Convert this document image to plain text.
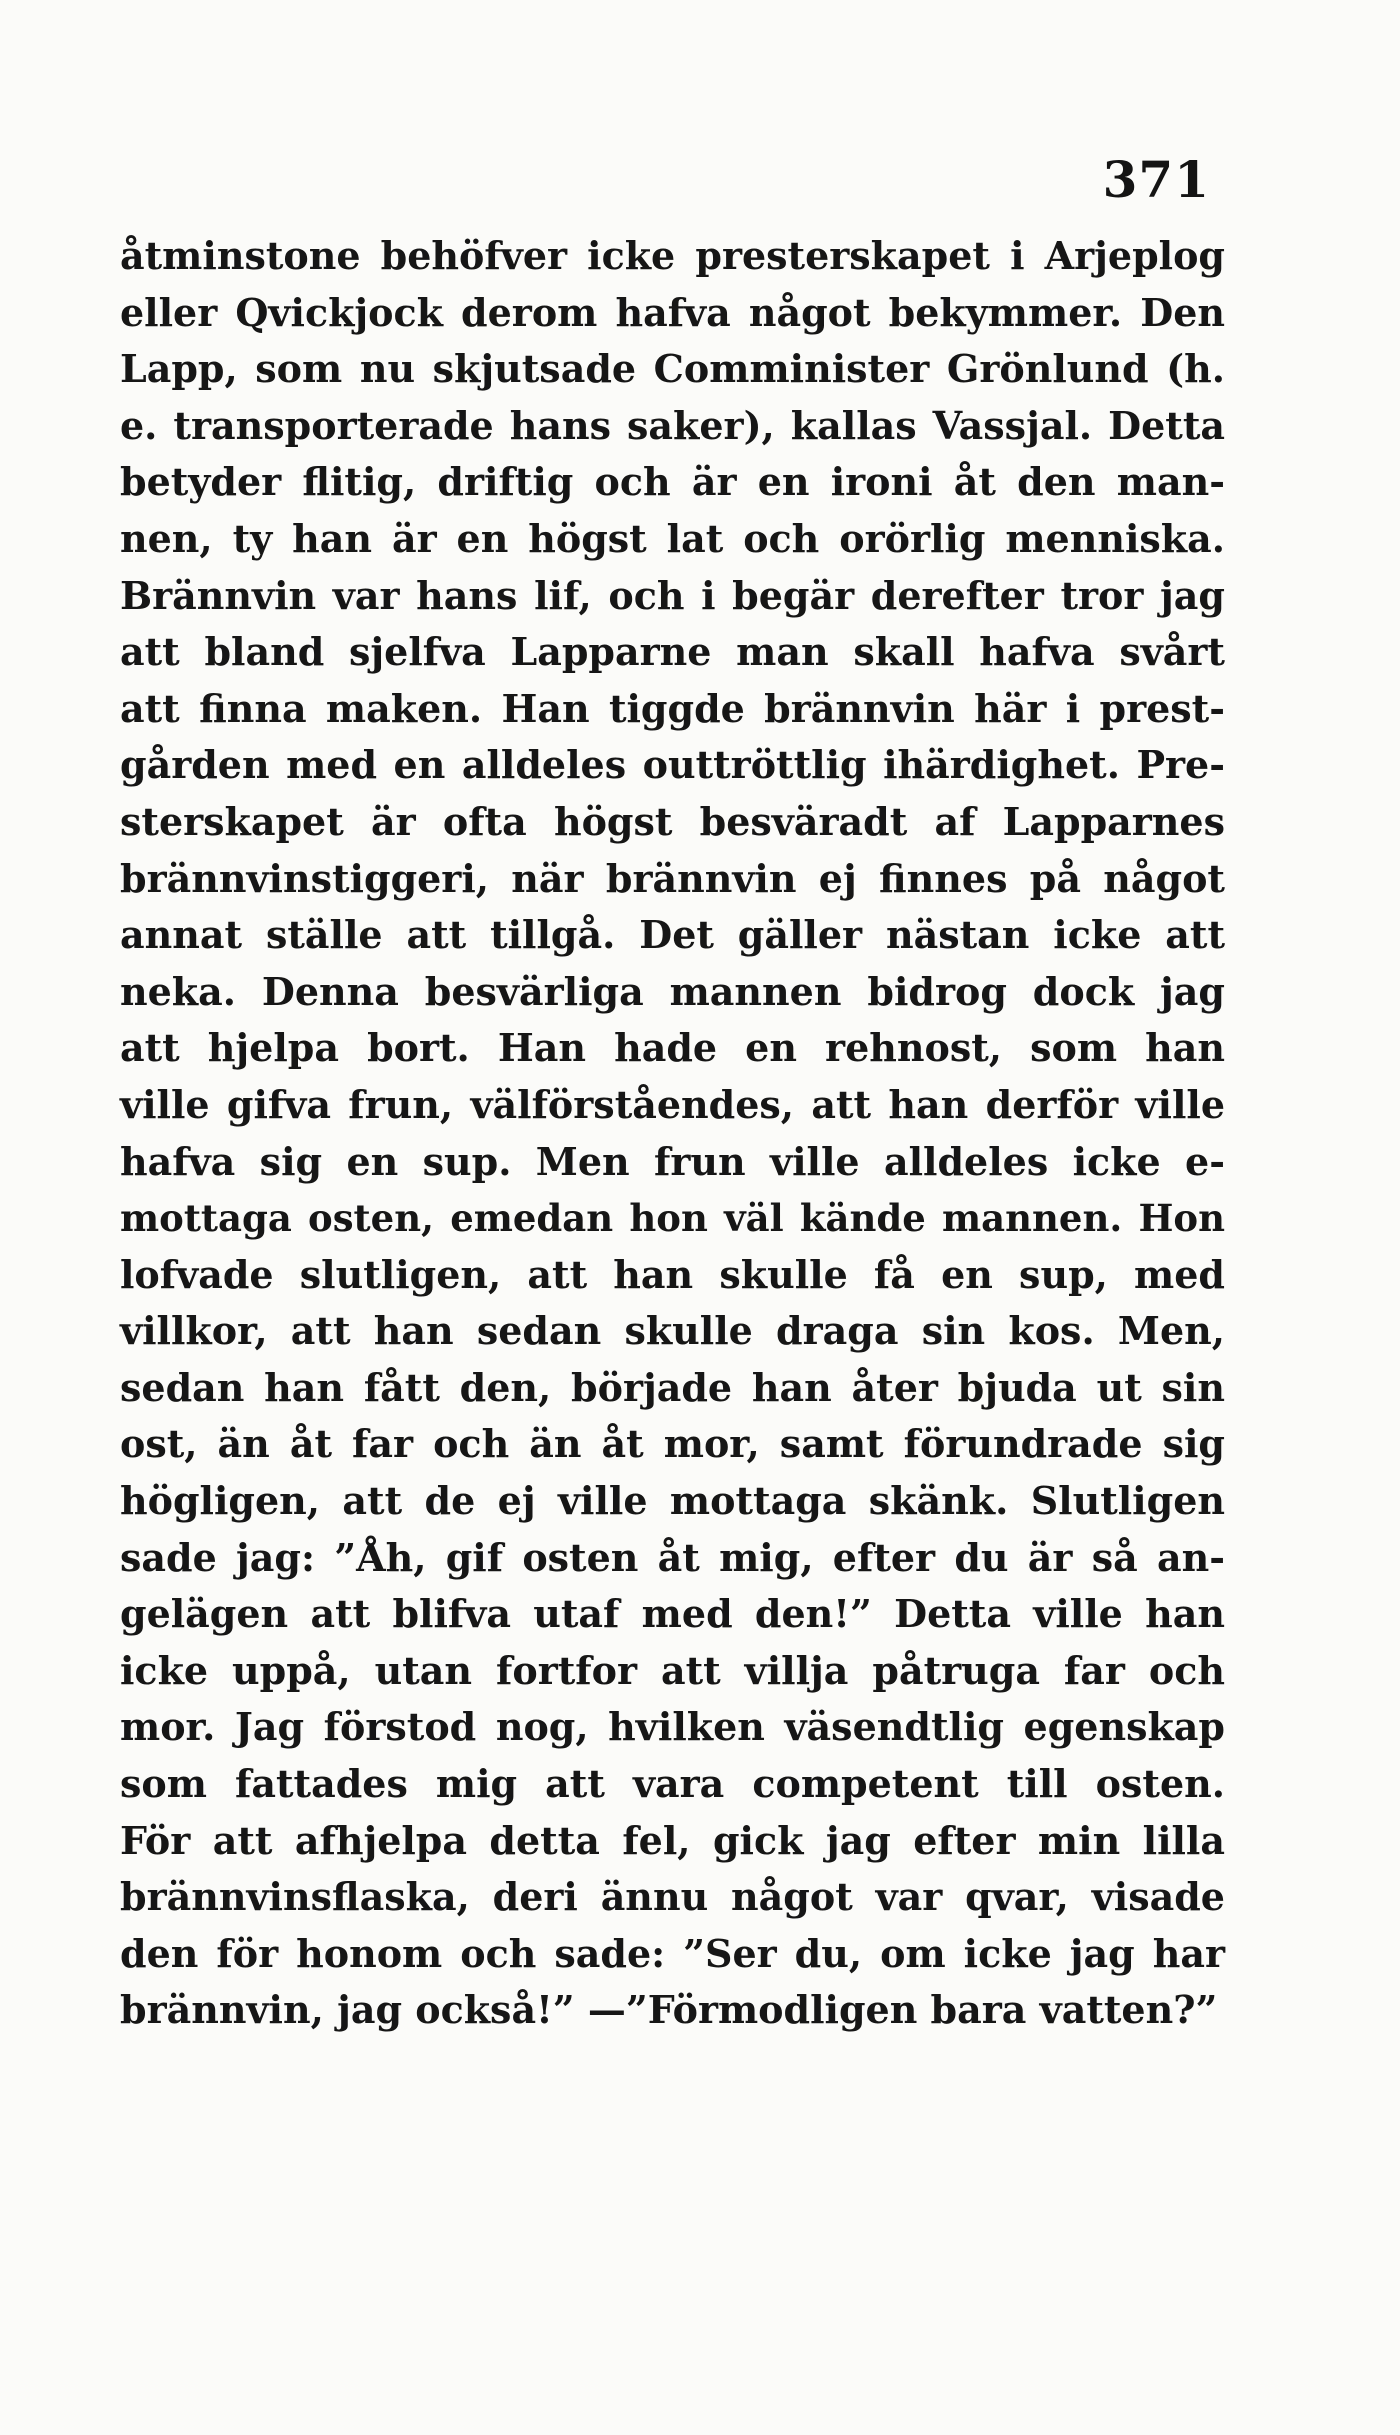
371
åtminstone behöfver icke presterskapet i Arjeplog
eller Qvickjock derom hafva något bekymmer. Den
Lapp, som nu skjutsade Comminister Grönlund (h.
e. transporterade hans saker), kallas Vassjal. Detta
betyder flitig, driftig och är en ironi åt den man-
nen, ty han är en högst lat och orörlig menniska.
Brännvin var hans lif, och i begär derefter tror jag
att bland sjelfva Lapparne man skall hafva svårt
att finna maken. Han tiggde brännvin här i prest-
gården med en alldeles outtröttlig ihärdighet. Pre-
sterskapet är ofta högst besväradt af Lapparnes
brännvinstiggeri, när brännvin ej finnes på något
annat ställe att tillgå. Det gäller nästan icke att
neka. Denna besvärliga mannen bidrog dock jag
att hjelpa bort. Han hade en rehnost, som han
ville gifva frun, välförståendes, att han derför ville
hafva sig en sup. Men frun ville alldeles icke e-
mottaga osten, emedan hon väl kände mannen. Hon
lofvade slutligen, att han skulle få en sup, med
villkor, att han sedan skulle draga sin kos. Men,
sedan han fått den, började han åter bjuda ut sin
ost, än åt far och än åt mor, samt förundrade sig
högligen, att de ej ville mottaga skänk. Slutligen
sade jag: ”Åh, gif osten åt mig, efter du är så an-
gelägen att blifva utaf med den!” Detta ville han
icke uppå, utan fortfor att villja påtruga far och
mor. Jag förstod nog, hvilken väsendtlig egenskap
som fattades mig att vara competent till osten.
För att afhjelpa detta fel, gick jag efter min lilla
brännvinsflaska, deri ännu något var qvar, visade
den för honom och sade: ”Ser du, om icke jag har
brännvin, jag också!” —”Förmodligen bara vatten?”
